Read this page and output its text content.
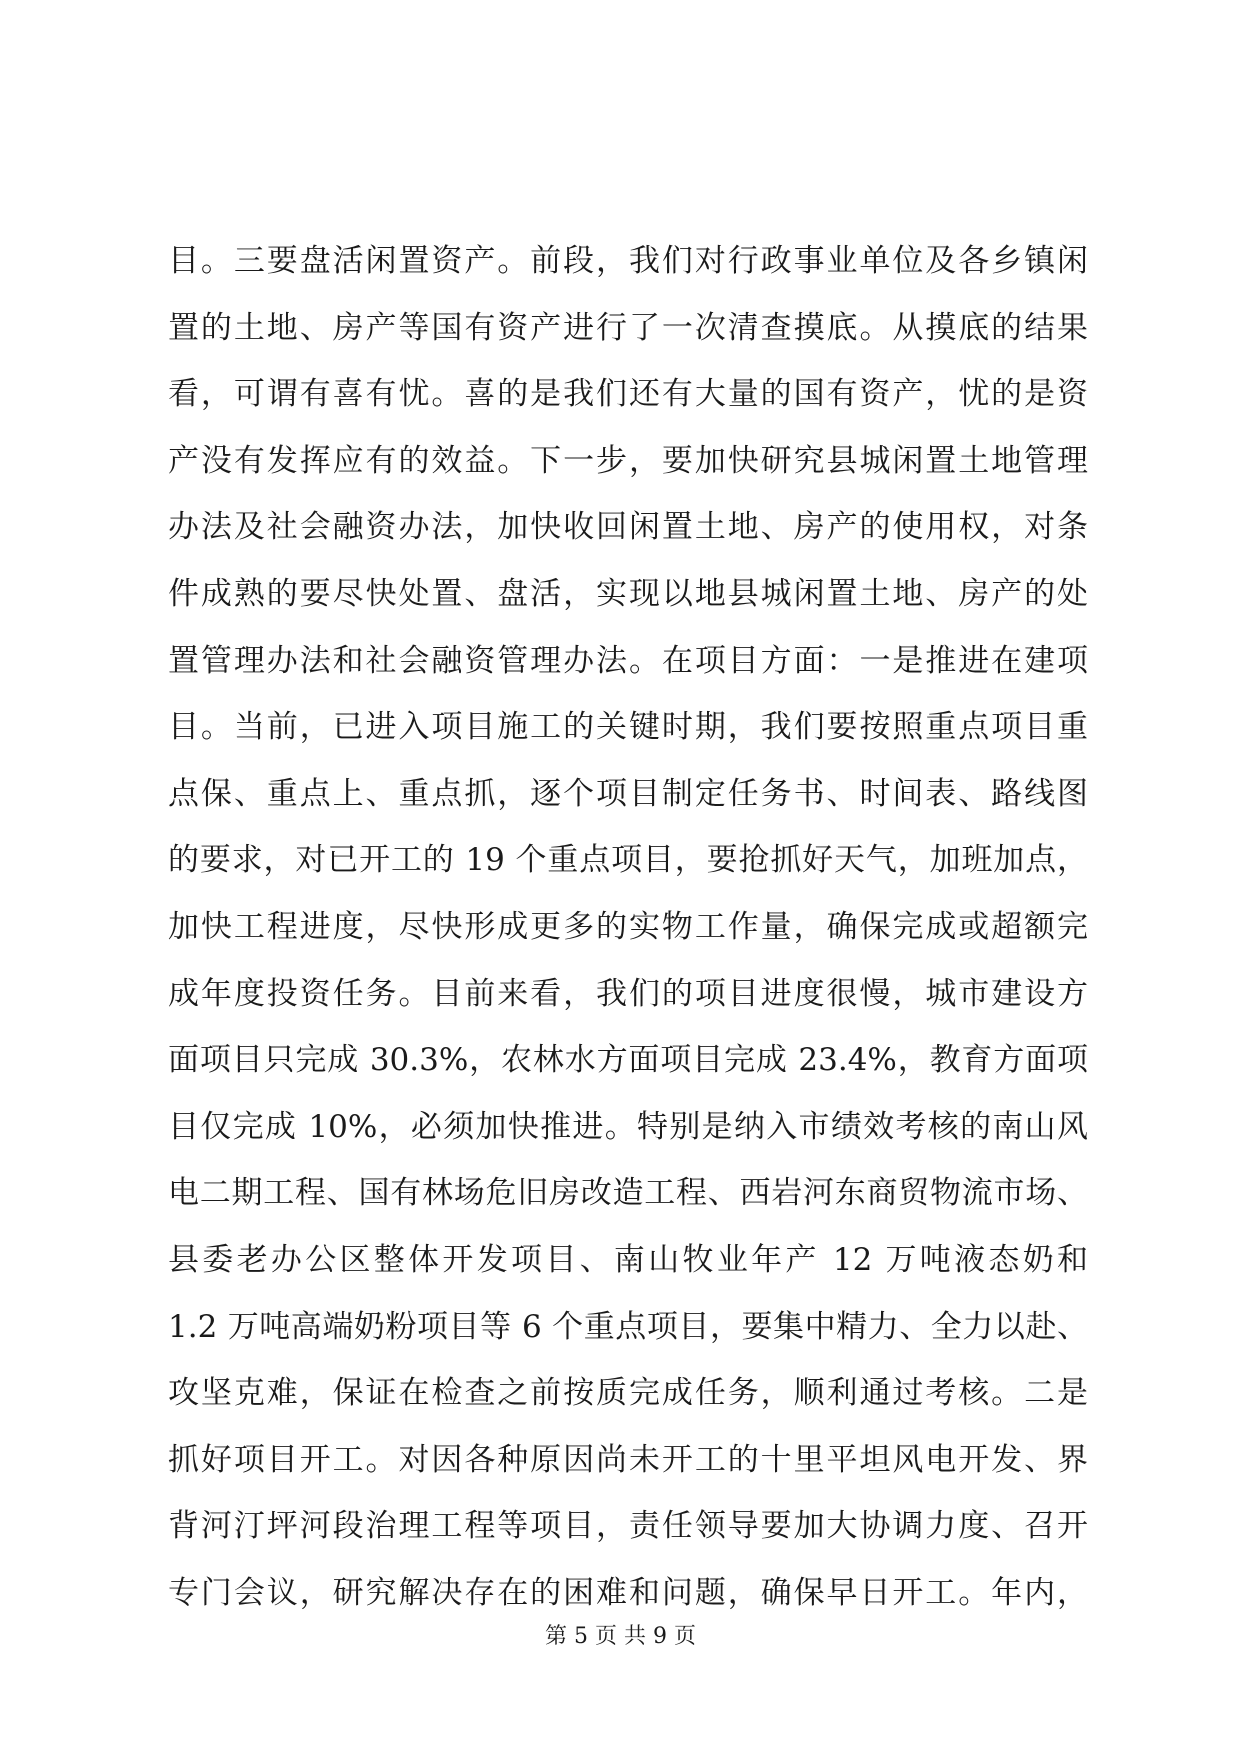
目。三要盘活闲置资产。前段，我们对行政事业单位及各乡镇闲
置的土地、房产等国有资产进行了一次清查摸底。从摸底的结果
看，可谓有喜有忧。喜的是我们还有大量的国有资产，忧的是资
产没有发挥应有的效益。下一步，要加快研究县城闲置土地管理
办法及社会融资办法，加快收回闲置土地、房产的使用权，对条
件成熟的要尽快处置、盘活，实现以地县城闲置土地、房产的处
置管理办法和社会融资管理办法。在项目方面：一是推进在建项
目。当前，已进入项目施工的关键时期，我们要按照重点项目重
点保、重点上、重点抓，逐个项目制定任务书、时间表、路线图
的要求，对已开工的 19 个重点项目，要抢抓好天气，加班加点，
加快工程进度，尽快形成更多的实物工作量，确保完成或超额完
成年度投资任务。目前来看，我们的项目进度很慢，城市建设方
面项目只完成 30.3%，农林水方面项目完成 23.4%，教育方面项
目仅完成 10%，必须加快推进。特别是纳入市绩效考核的南山风
电二期工程、国有林场危旧房改造工程、西岩河东商贸物流市场、
县委老办公区整体开发项目、南山牧业年产 12 万吨液态奶和
1.2 万吨高端奶粉项目等 6 个重点项目，要集中精力、全力以赴、
攻坚克难，保证在检查之前按质完成任务，顺利通过考核。二是
抓好项目开工。对因各种原因尚未开工的十里平坦风电开发、界
背河汀坪河段治理工程等项目，责任领导要加大协调力度、召开
专门会议，研究解决存在的困难和问题，确保早日开工。年内，
第 5 页 共 9 页
